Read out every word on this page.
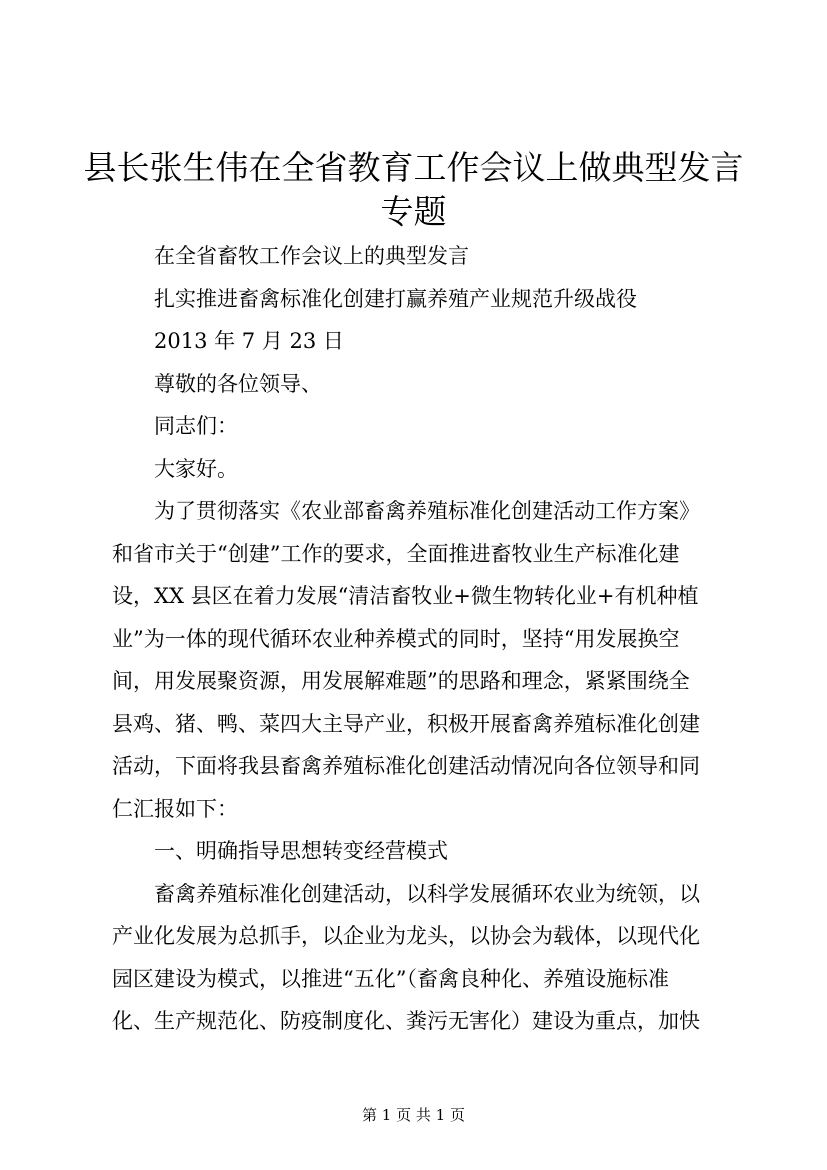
县长张生伟在全省教育工作会议上做典型发言
专题
在全省畜牧工作会议上的典型发言
扎实推进畜禽标准化创建打赢养殖产业规范升级战役
2013 年 7 月 23 日
尊敬的各位领导、
同志们：
大家好。
为了贯彻落实《农业部畜禽养殖标准化创建活动工作方案》
和省市关于“创建”工作的要求，全面推进畜牧业生产标准化建
设，XX 县区在着力发展“清洁畜牧业+微生物转化业+有机种植
业”为一体的现代循环农业种养模式的同时，坚持“用发展换空
间，用发展聚资源，用发展解难题”的思路和理念，紧紧围绕全
县鸡、猪、鸭、菜四大主导产业，积极开展畜禽养殖标准化创建
活动，下面将我县畜禽养殖标准化创建活动情况向各位领导和同
仁汇报如下：
一、明确指导思想转变经营模式
畜禽养殖标准化创建活动，以科学发展循环农业为统领，以
产业化发展为总抓手，以企业为龙头，以协会为载体，以现代化
园区建设为模式，以推进“五化”（畜禽良种化、养殖设施标准
化、生产规范化、防疫制度化、粪污无害化）建设为重点，加快
第 1 页 共 1 页
